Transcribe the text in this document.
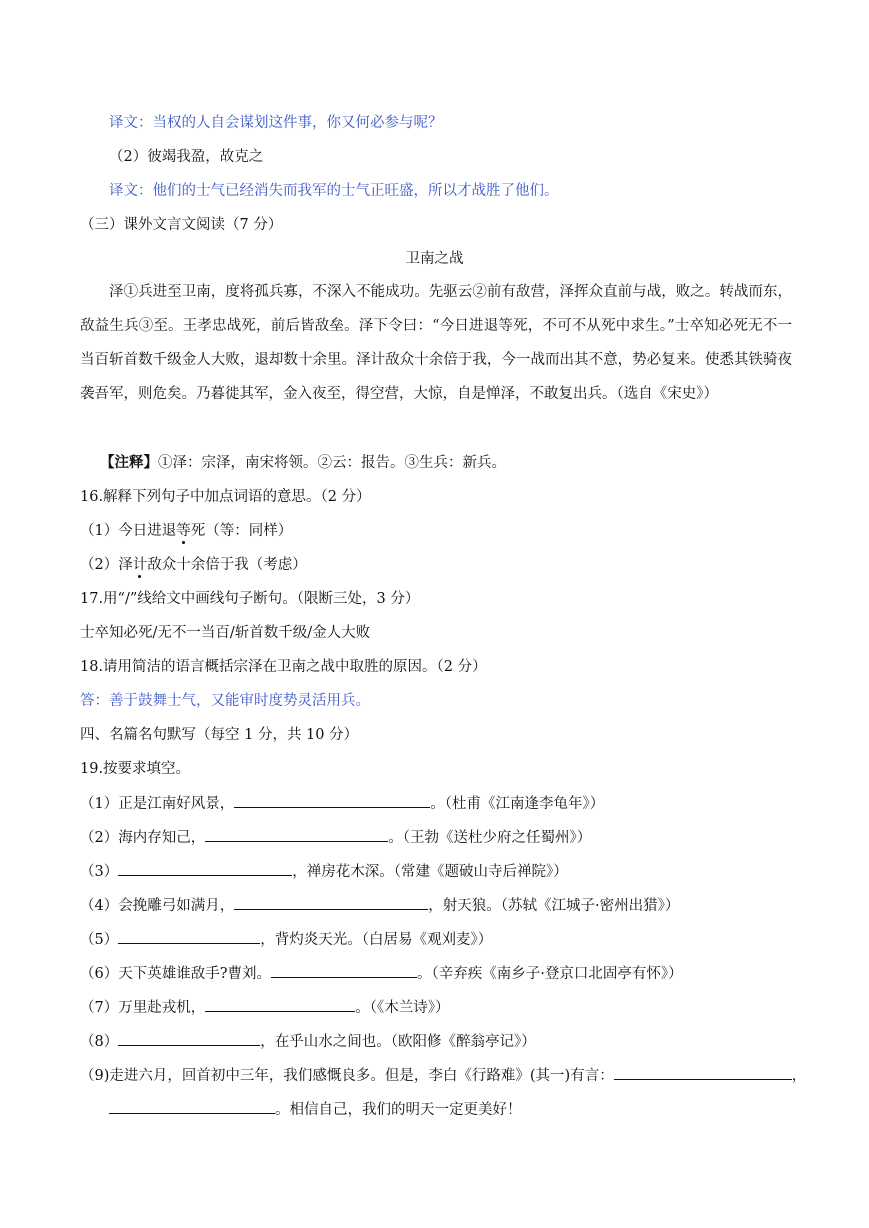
译文：当权的人自会谋划这件事，你又何必参与呢？
（2）彼竭我盈，故克之
译文：他们的士气已经消失而我军的士气正旺盛，所以才战胜了他们。
（三）课外文言文阅读（7 分）
卫南之战
泽①兵进至卫南，度将孤兵寡，不深入不能成功。先驱云②前有敌营，泽挥众直前与战，败之。转战而东，敌益生兵③至。王孝忠战死，前后皆敌垒。泽下令曰：“今日进退等死，不可不从死中求生。”士卒知必死无不一当百斩首数千级金人大败，退却数十余里。泽计敌众十余倍于我，今一战而出其不意，势必复来。使悉其铁骑夜袭吾军，则危矣。乃暮徙其军，金入夜至，得空营，大惊，自是惮泽，不敢复出兵。（选自《宋史》）
【注释】①泽：宗泽，南宋将领。②云：报告。③生兵：新兵。
16.解释下列句子中加点词语的意思。（2 分）
（1）今日进退等死（等：同样）
（2）泽计敌众十余倍于我（考虑）
17.用“/”线给文中画线句子断句。（限断三处，3 分）
士卒知必死/无不一当百/斩首数千级/金人大败
18.请用简洁的语言概括宗泽在卫南之战中取胜的原因。（2 分）
答：善于鼓舞士气，又能审时度势灵活用兵。
四、名篇名句默写（每空 1 分，共 10 分）
19.按要求填空。
（1）正是江南好风景，	。（杜甫《江南逢李龟年》）
（2）海内存知己，	。（王勃《送杜少府之任蜀州》）
（3）	，禅房花木深。（常建《题破山寺后禅院》）
（4）会挽雕弓如满月，	，射天狼。（苏轼《江城子·密州出猎》）
（5）	，背灼炎天光。（白居易《观刈麦》）
（6）天下英雄谁敌手?曹刘。	。（辛弃疾《南乡子·登京口北固亭有怀》）
（7）万里赴戎机，	。（《木兰诗》）
（8）	，在乎山水之间也。（欧阳修《醉翁亭记》）
（9)走进六月，回首初中三年，我们感慨良多。但是，李白《行路难》(其一)有言：	，
。相信自己，我们的明天一定更美好！
